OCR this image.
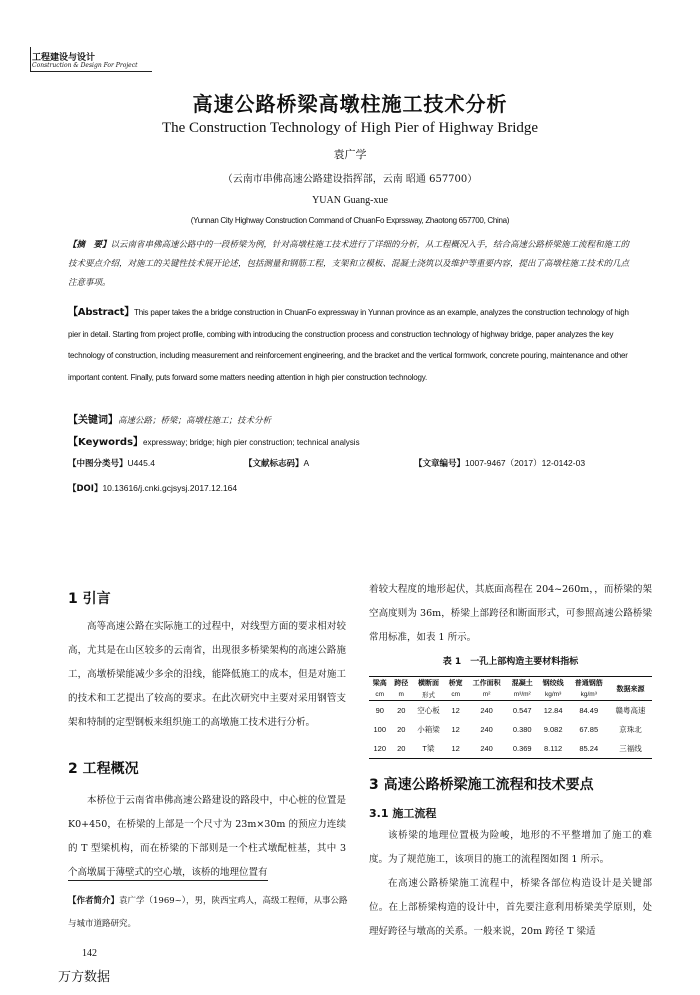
工程建设与设计
Construction & Design For Project
高速公路桥梁高墩柱施工技术分析
The Construction Technology of High Pier of Highway Bridge
袁广学
（云南市串佛高速公路建设指挥部，云南 昭通 657700）
YUAN Guang-xue
(Yunnan City Highway Construction Command of ChuanFo Exprssway, Zhaotong 657700, China)
【摘　要】以云南省串佛高速公路中的一段桥梁为例，针对高墩柱施工技术进行了详细的分析，从工程概况入手，结合高速公路桥梁施工流程和施工的技术要点介绍，对施工的关键性技术展开论述，包括测量和钢筋工程，支架和立模板、混凝土浇筑以及维护等重要内容，提出了高墩柱施工技术的几点注意事项。
【Abstract】This paper takes the a bridge construction in ChuanFo expressway in Yunnan province as an example, analyzes the construction technology of high pier in detail. Starting from project profile, combing with introducing the construction process and construction technology of highway bridge, paper analyzes the key technology of construction, including measurement and reinforcement engineering, and the bracket and the vertical formwork, concrete pouring, maintenance and other important content. Finally, puts forward some matters needing attention in high pier construction technology.
【关键词】高速公路；桥梁；高墩柱施工；技术分析
【Keywords】expressway; bridge; high pier construction; technical analysis
【中图分类号】U445.4	【文献标志码】A	【文章编号】1007-9467（2017）12-0142-03
【DOI】10.13616/j.cnki.gcjsysj.2017.12.164
1 引言

高等高速公路在实际施工的过程中，对线型方面的要求相对较高，尤其是在山区较多的云南省，出现很多桥梁架构的高速公路施工，高墩桥梁能减少多余的沿线，能降低施工的成本，但是对施工的技术和工艺提出了较高的要求。在此次研究中主要对采用钢管支架和特制的定型钢板来组织施工的高墩施工技术进行分析。

2 工程概况

本桥位于云南省串佛高速公路建设的路段中，中心桩的位置是 K0+450，在桥梁的上部是一个尺寸为 23m×30m 的预应力连续的 T 型梁机构，而在桥梁的下部则是一个柱式墩配桩基，其中 3 个高墩属于薄壁式的空心墩，该桥的地理位置有

【作者简介】袁广学（1969~），男，陕西宝鸡人，高级工程师，从事公路与城市道路研究。
142
万方数据

着较大程度的地形起伏，其底面高程在 204~260m，，而桥梁的架空高度则为 36m，桥梁上部跨径和断面形式，可参照高速公路桥梁常用标准，如表 1 所示。

表 1　一孔上部构造主要材料指标
梁高	跨径	横断面	桥宽	工作面积	混凝土	钢绞线	普通钢筋	数据来源
cm	m	形式	cm	m²	m³/m²	kg/m³	kg/m³	
90	20	空心板	12	240	0.547	12.84	84.49	赣粤高速
100	20	小箱梁	12	240	0.380	9.082	67.85	京珠北
120	20	T梁	12	240	0.369	8.112	85.24	三福线
3 高速公路桥梁施工流程和技术要点
3.1 施工流程

该桥梁的地理位置极为险峻，地形的不平整增加了施工的难度。为了规范施工，该项目的施工的流程图如图 1 所示。

在高速公路桥梁施工流程中，桥梁各部位构造设计是关键部位。在上部桥梁构造的设计中，首先要注意利用桥梁美学原则，处理好跨径与墩高的关系。一般来说，20m 跨径 T 梁适
